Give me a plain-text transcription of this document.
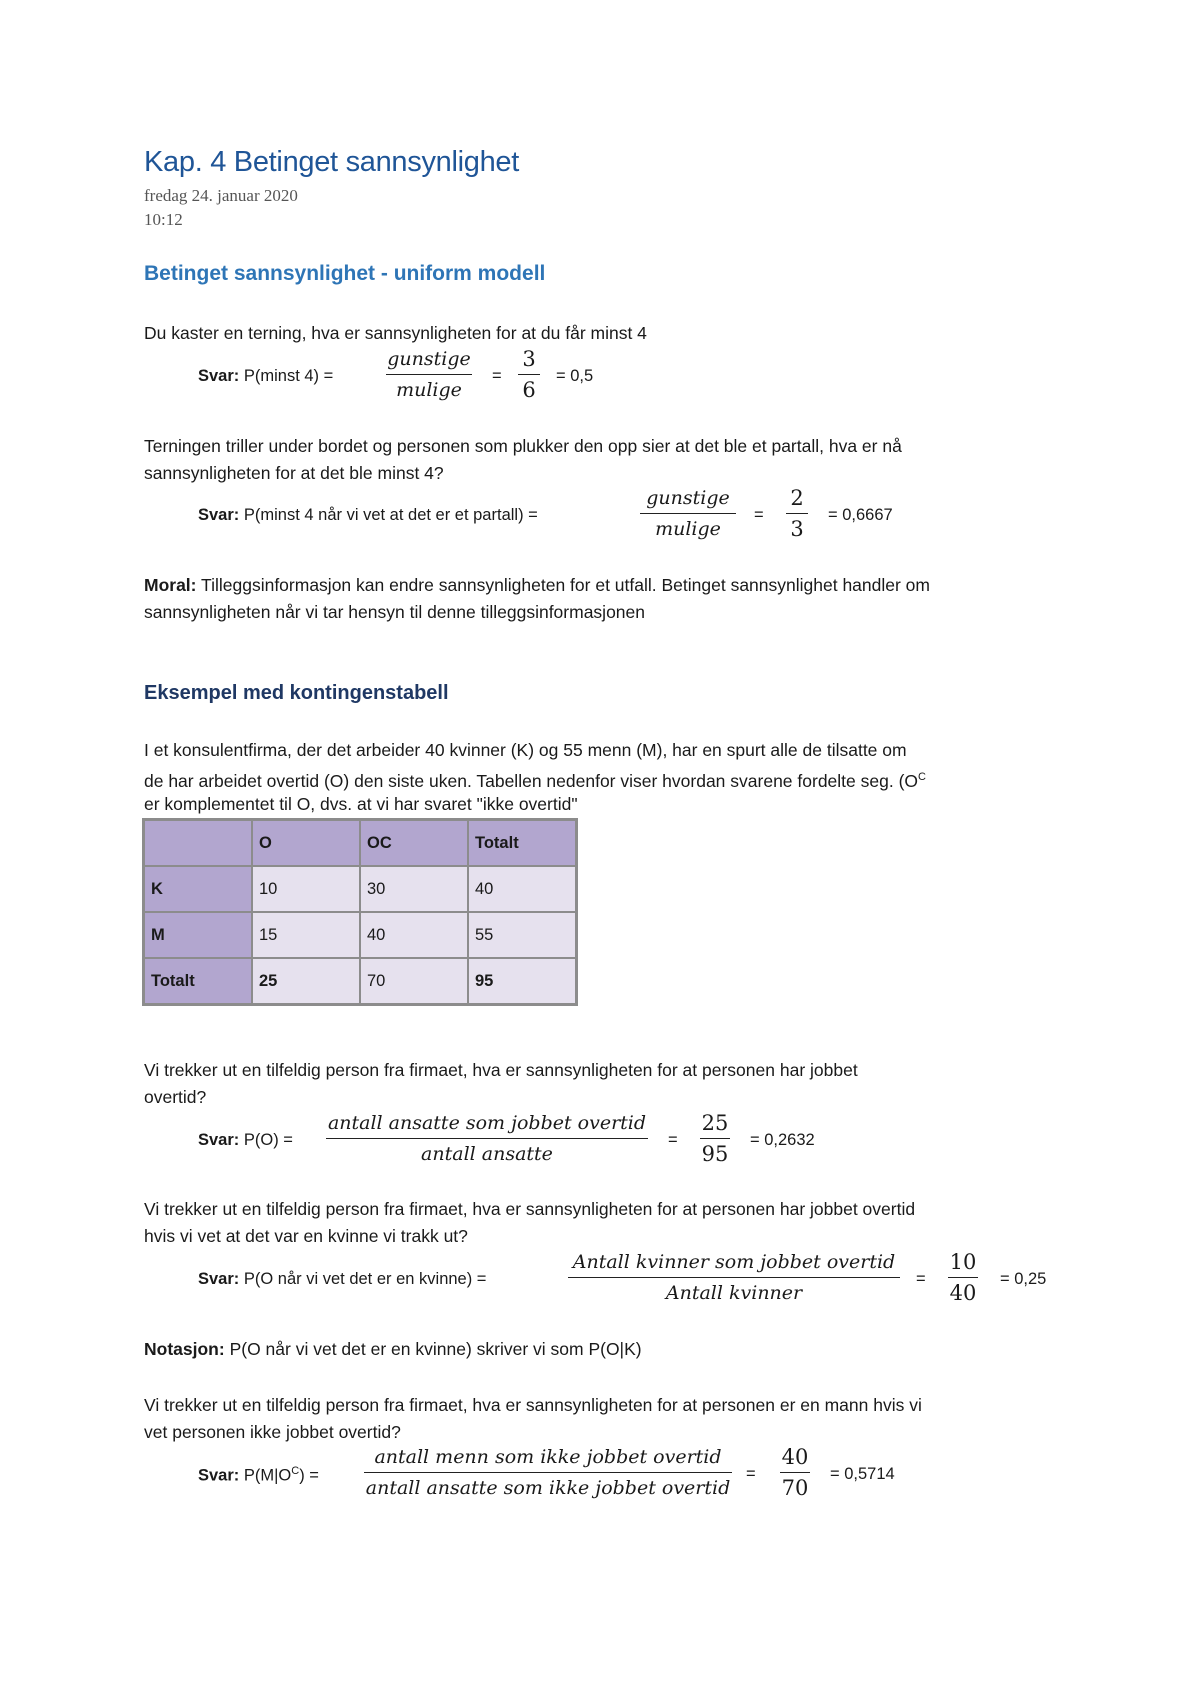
Kap. 4 Betinget sannsynlighet
fredag 24. januar 2020
10:12
Betinget sannsynlighet - uniform modell
Du kaster en terning, hva er sannsynligheten for at du får minst 4
Svar: P(minst 4) =
gunstige
mulige
=
3
6
= 0,5
Terningen triller under bordet og personen som plukker den opp sier at det ble et partall, hva er nå
sannsynligheten for at det ble minst 4?
Svar: P(minst 4 når vi vet at det er et partall) =
gunstige
mulige
=
2
3
= 0,6667
Moral: Tilleggsinformasjon kan endre sannsynligheten for et utfall. Betinget sannsynlighet handler om
sannsynligheten når vi tar hensyn til denne tilleggsinformasjonen
Eksempel med kontingenstabell
I et konsulentfirma, der det arbeider 40 kvinner (K) og 55 menn (M), har en spurt alle de tilsatte om
de har arbeidet overtid (O) den siste uken. Tabellen nedenfor viser hvordan svarene fordelte seg. ($O^C$
er komplementet til O, dvs. at vi har svaret "ikke overtid"
	O	OC	Totalt
K	10	30	40
M	15	40	55
Totalt	25	70	95
Vi trekker ut en tilfeldig person fra firmaet, hva er sannsynligheten for at personen har jobbet
overtid?
Svar: P(O) =
antall ansatte som jobbet overtid
antall ansatte
=
25
95
= 0,2632
Vi trekker ut en tilfeldig person fra firmaet, hva er sannsynligheten for at personen har jobbet overtid
hvis vi vet at det var en kvinne vi trakk ut?
Svar: P(O når vi vet det er en kvinne) =
Antall kvinner som jobbet overtid
Antall kvinner
=
10
40
= 0,25
Notasjon: P(O når vi vet det er en kvinne) skriver vi som P(O|K)
Vi trekker ut en tilfeldig person fra firmaet, hva er sannsynligheten for at personen er en mann hvis vi
vet personen ikke jobbet overtid?
Svar: $P(M|O^C)$ =
antall menn som ikke jobbet overtid
antall ansatte som ikke jobbet overtid
=
40
70
= 0,5714
